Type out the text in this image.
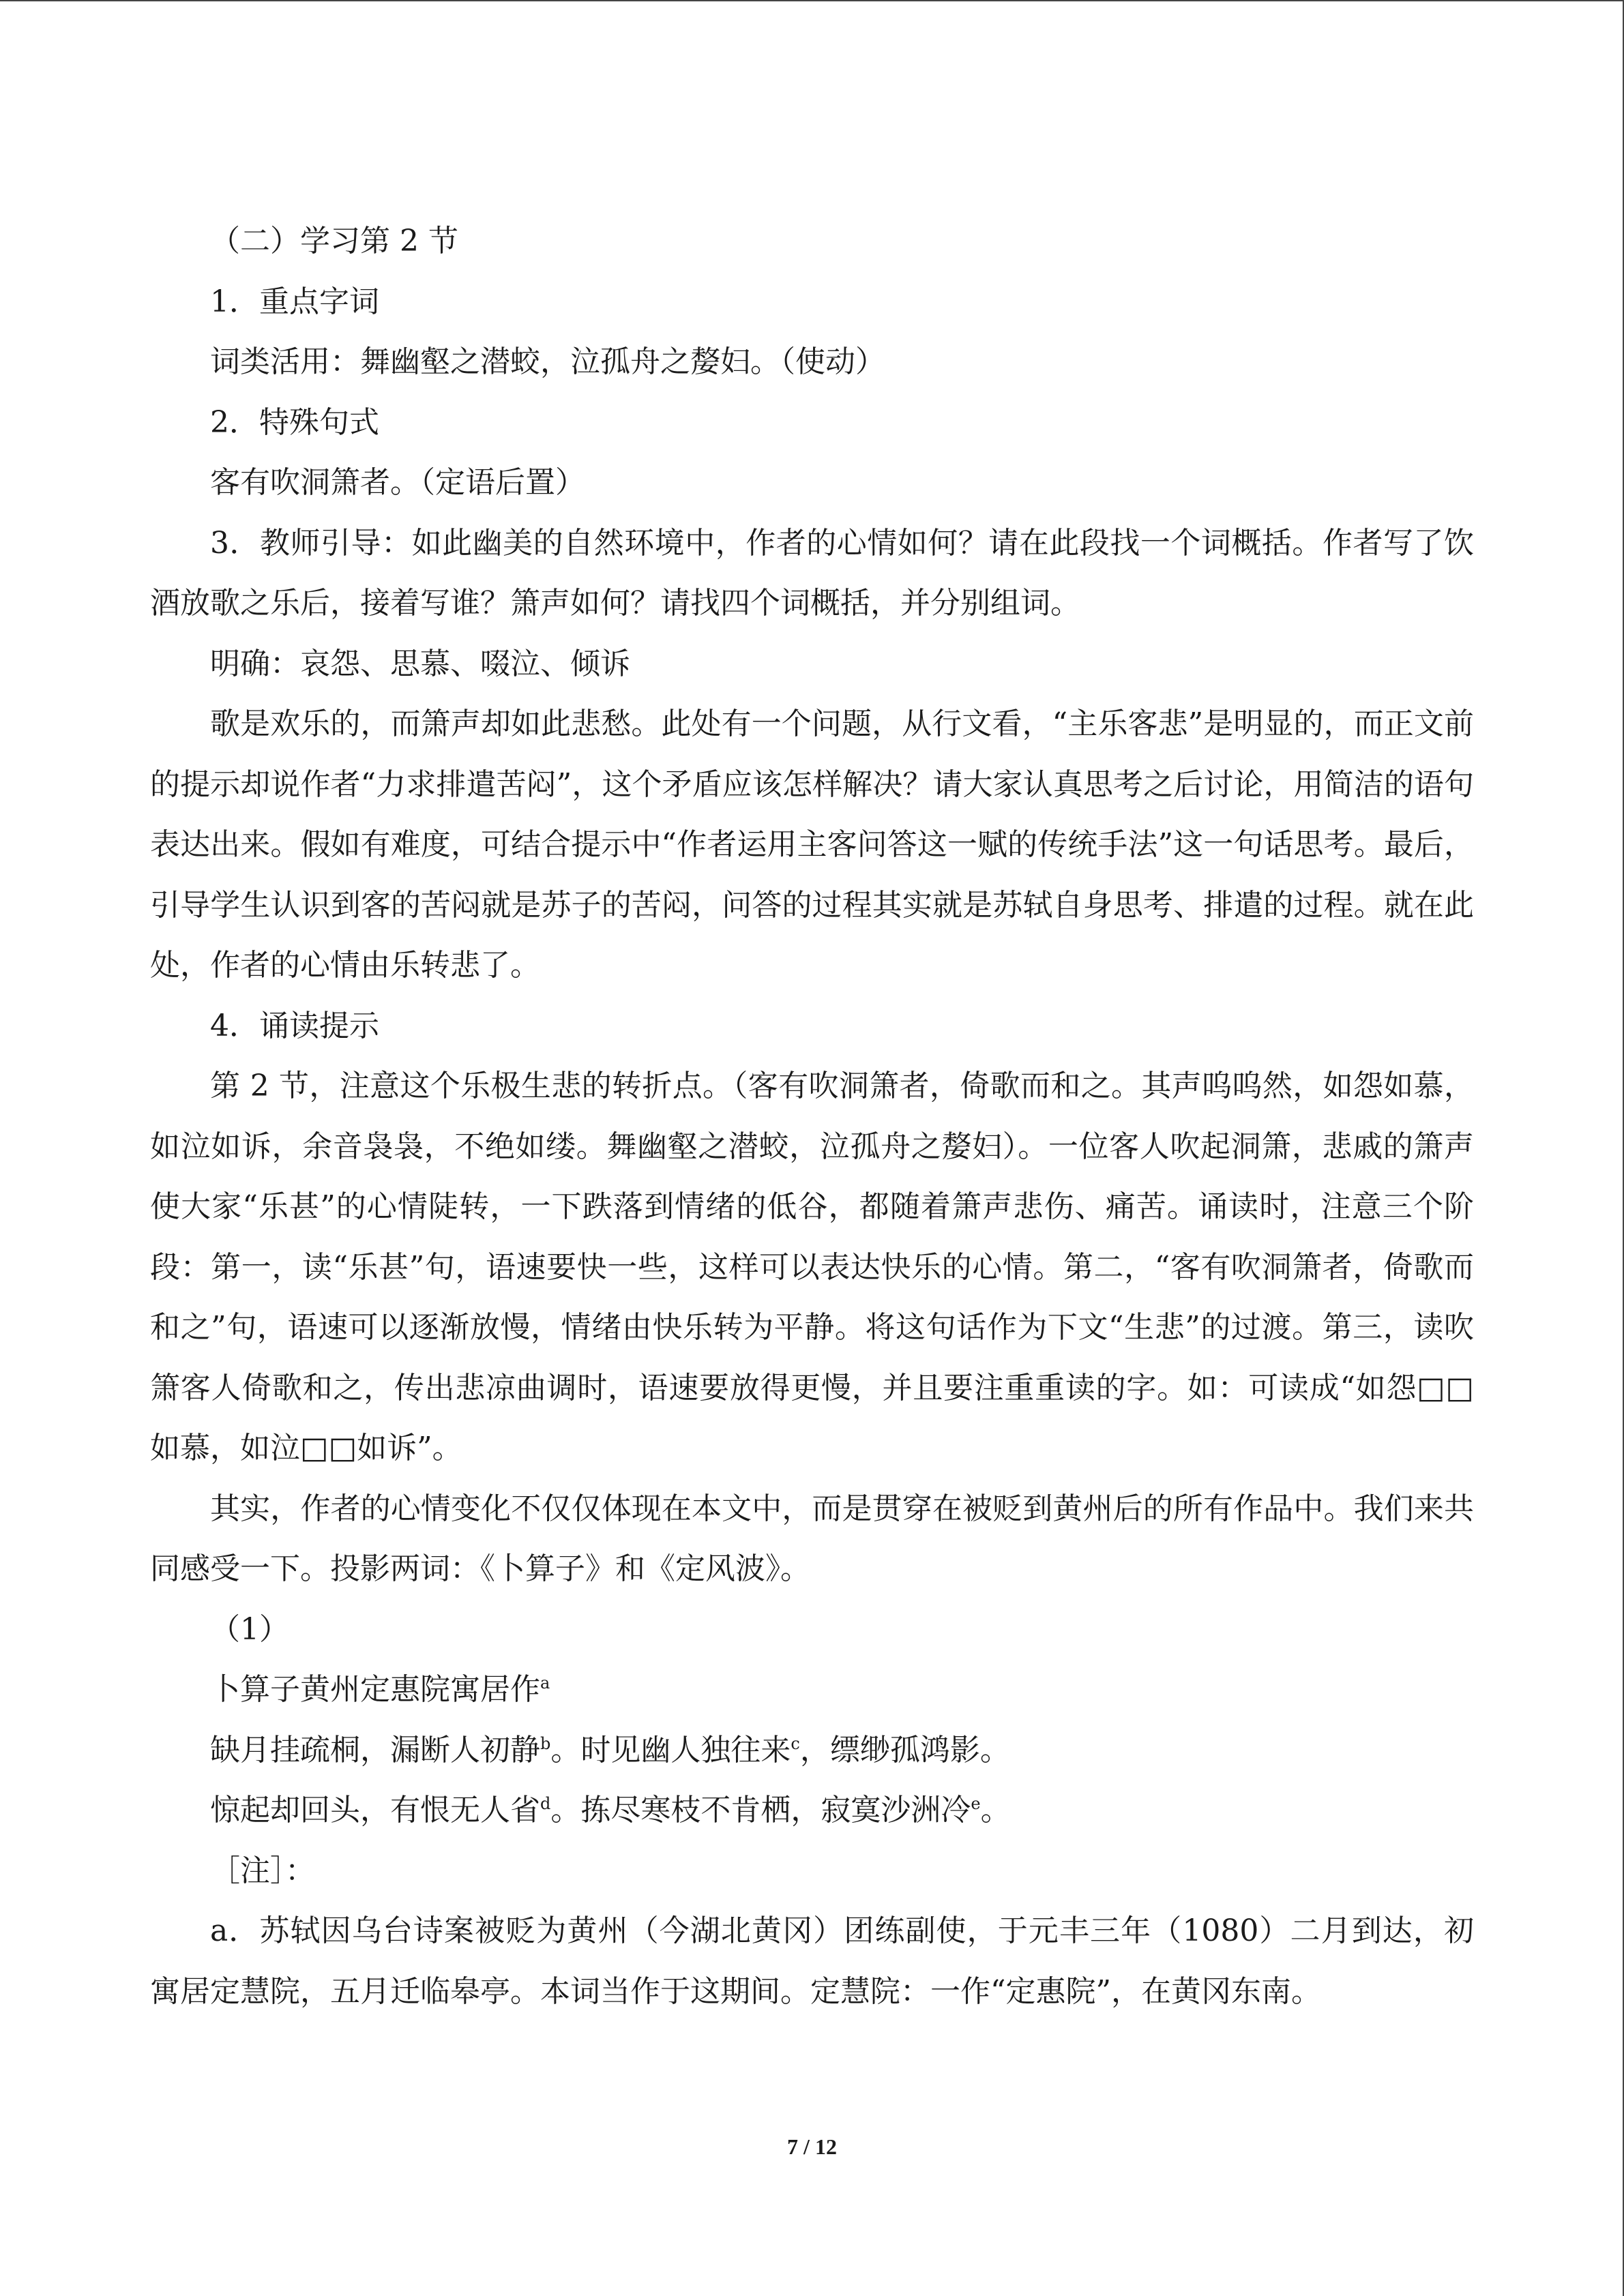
（二）学习第 2 节

1．重点字词

词类活用：舞幽壑之潜蛟，泣孤舟之嫠妇。（使动）

2．特殊句式

客有吹洞箫者。（定语后置）

3．教师引导：如此幽美的自然环境中，作者的心情如何？请在此段找一个词概括。作者写了饮酒放歌之乐后，接着写谁？箫声如何？请找四个词概括，并分别组词。

明确：哀怨、思慕、啜泣、倾诉

歌是欢乐的，而箫声却如此悲愁。此处有一个问题，从行文看，“主乐客悲”是明显的，而正文前的提示却说作者“力求排遣苦闷”，这个矛盾应该怎样解决？请大家认真思考之后讨论，用简洁的语句表达出来。假如有难度，可结合提示中“作者运用主客问答这一赋的传统手法”这一句话思考。最后，引导学生认识到客的苦闷就是苏子的苦闷，问答的过程其实就是苏轼自身思考、排遣的过程。就在此处，作者的心情由乐转悲了。

4．诵读提示

第 2 节，注意这个乐极生悲的转折点。（客有吹洞箫者，倚歌而和之。其声呜呜然，如怨如慕，如泣如诉，余音袅袅，不绝如缕。舞幽壑之潜蛟，泣孤舟之嫠妇）。一位客人吹起洞箫，悲戚的箫声使大家“乐甚”的心情陡转，一下跌落到情绪的低谷，都随着箫声悲伤、痛苦。诵读时，注意三个阶段：第一，读“乐甚”句，语速要快一些，这样可以表达快乐的心情。第二，“客有吹洞箫者，倚歌而和之”句，语速可以逐渐放慢，情绪由快乐转为平静。将这句话作为下文“生悲”的过渡。第三，读吹箫客人倚歌和之，传出悲凉曲调时，语速要放得更慢，并且要注重重读的字。如：可读成“如怨□□如慕，如泣□□如诉”。

其实，作者的心情变化不仅仅体现在本文中，而是贯穿在被贬到黄州后的所有作品中。我们来共同感受一下。投影两词：《卜算子》和《定风波》。

（1）

卜算子黄州定惠院寓居作$^a$

缺月挂疏桐，漏断人初静$^b$。时见幽人独往来$^c$，缥缈孤鸿影。

惊起却回头，有恨无人省$^d$。拣尽寒枝不肯栖，寂寞沙洲冷$^e$。

［注］：

a．苏轼因乌台诗案被贬为黄州（今湖北黄冈）团练副使，于元丰三年（1080）二月到达，初寓居定慧院，五月迁临皋亭。本词当作于这期间。定慧院：一作“定惠院”，在黄冈东南。

7 / 12
